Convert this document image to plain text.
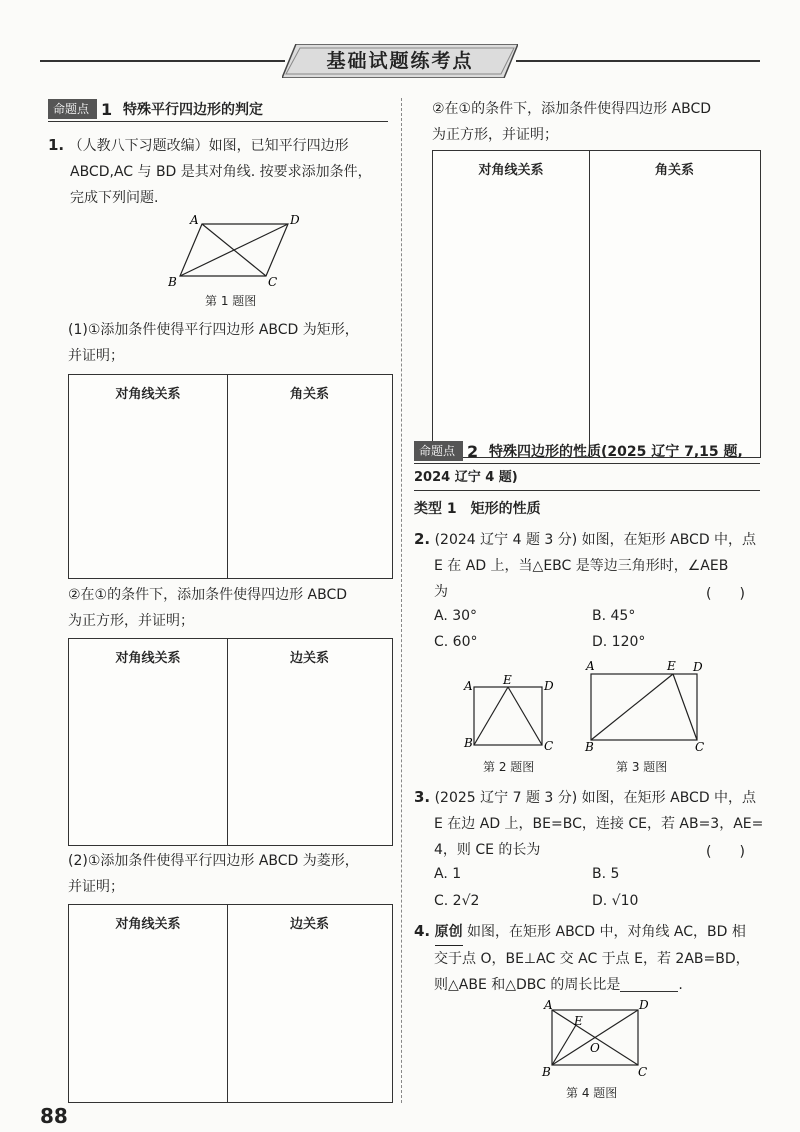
基础试题练考点
命题点 1 特殊平行四边形的判定
1. （人教八下习题改编）如图，已知平行四边形
ABCD,AC 与 BD 是其对角线. 按要求添加条件，
完成下列问题.
A	D
B	C
第 1 题图
(1)①添加条件使得平行四边形 ABCD 为矩形，
并证明；
对角线关系	角关系
②在①的条件下，添加条件使得四边形 ABCD
为正方形，并证明；
对角线关系	边关系
(2)①添加条件使得平行四边形 ABCD 为菱形，
并证明；
对角线关系	边关系
88
②在①的条件下，添加条件使得四边形 ABCD
为正方形，并证明；
对角线关系	角关系
命题点 2 特殊四边形的性质(2025 辽宁 7,15 题,
2024 辽宁 4 题)
类型 1　矩形的性质
2. (2024 辽宁 4 题 3 分) 如图，在矩形 ABCD 中，点
E 在 AD 上，当△EBC 是等边三角形时，∠AEB
为	(　　)
A. 30°	B. 45°
C. 60°	D. 120°
A	E	D
B	C
第 2 题图
A	E D
B	C
第 3 题图
3. (2025 辽宁 7 题 3 分) 如图，在矩形 ABCD 中，点
E 在边 AD 上，BE=BC，连接 CE，若 AB=3，AE=
4，则 CE 的长为	(　　)
A. 1	B. 5
C. 2√2	D. √10
4. 原创 如图，在矩形 ABCD 中，对角线 AC，BD 相
交于点 O，BE⊥AC 交 AC 于点 E，若 2AB=BD，
则△ABE 和△DBC 的周长比是	.
A	D
E
O
B	C
第 4 题图
